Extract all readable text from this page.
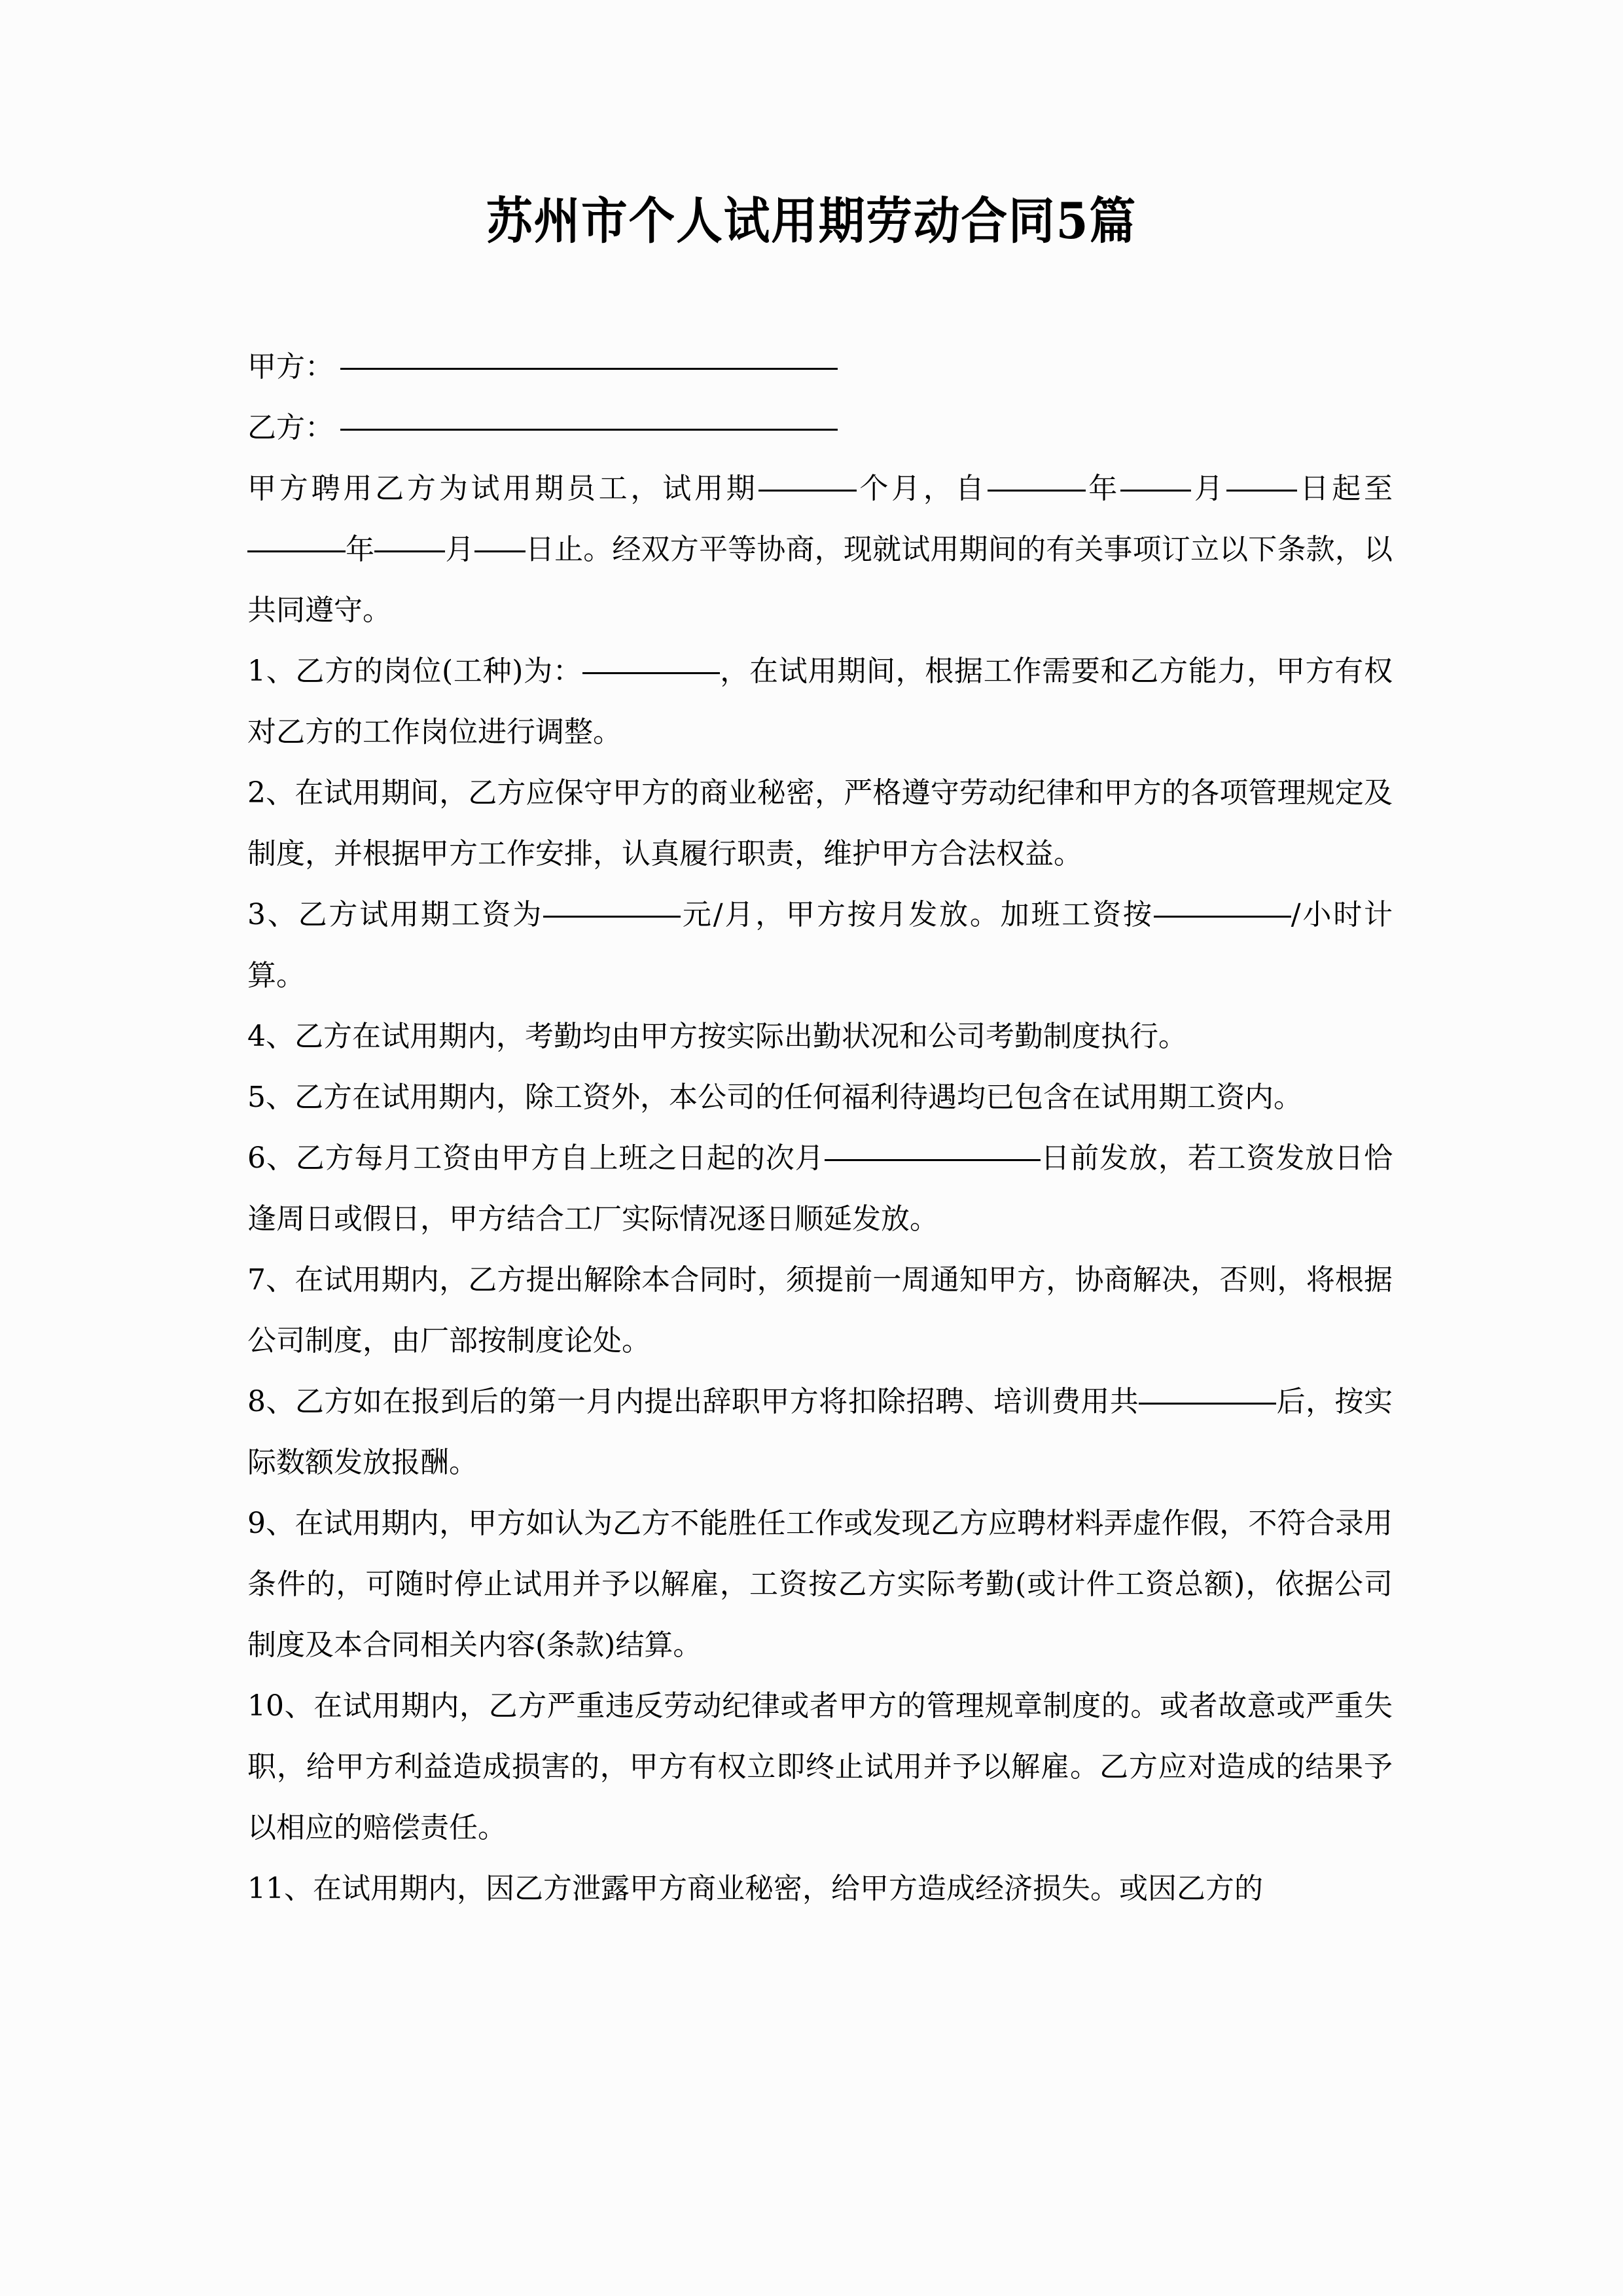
苏州市个人试用期劳动合同5篇

甲方：

乙方：

甲方聘用乙方为试用期员工，试用期	个月，自	年 月 日起至年 月 日止。经双方平等协商，现就试用期间的有关事项订立以下条款，以共同遵守。

1、乙方的岗位(工种)为：	，在试用期间，根据工作需要和乙方能力，甲方有权对乙方的工作岗位进行调整。

2、在试用期间，乙方应保守甲方的商业秘密，严格遵守劳动纪律和甲方的各项管理规定及制度，并根据甲方工作安排，认真履行职责，维护甲方合法权益。

3、乙方试用期工资为	元/月，甲方按月发放。加班工资按	/小时计算。

4、乙方在试用期内，考勤均由甲方按实际出勤状况和公司考勤制度执行。

5、乙方在试用期内，除工资外，本公司的任何福利待遇均已包含在试用期工资内。

6、乙方每月工资由甲方自上班之日起的次月	日前发放，若工资发放日恰逢周日或假日，甲方结合工厂实际情况逐日顺延发放。

7、在试用期内，乙方提出解除本合同时，须提前一周通知甲方，协商解决，否则，将根据公司制度，由厂部按制度论处。

8、乙方如在报到后的第一月内提出辞职甲方将扣除招聘、培训费用共	后，按实际数额发放报酬。

9、在试用期内，甲方如认为乙方不能胜任工作或发现乙方应聘材料弄虚作假，不符合录用条件的，可随时停止试用并予以解雇，工资按乙方实际考勤(或计件工资总额)，依据公司制度及本合同相关内容(条款)结算。

10、在试用期内，乙方严重违反劳动纪律或者甲方的管理规章制度的。或者故意或严重失职，给甲方利益造成损害的，甲方有权立即终止试用并予以解雇。乙方应对造成的结果予以相应的赔偿责任。

11、在试用期内，因乙方泄露甲方商业秘密，给甲方造成经济损失。或因乙方的
